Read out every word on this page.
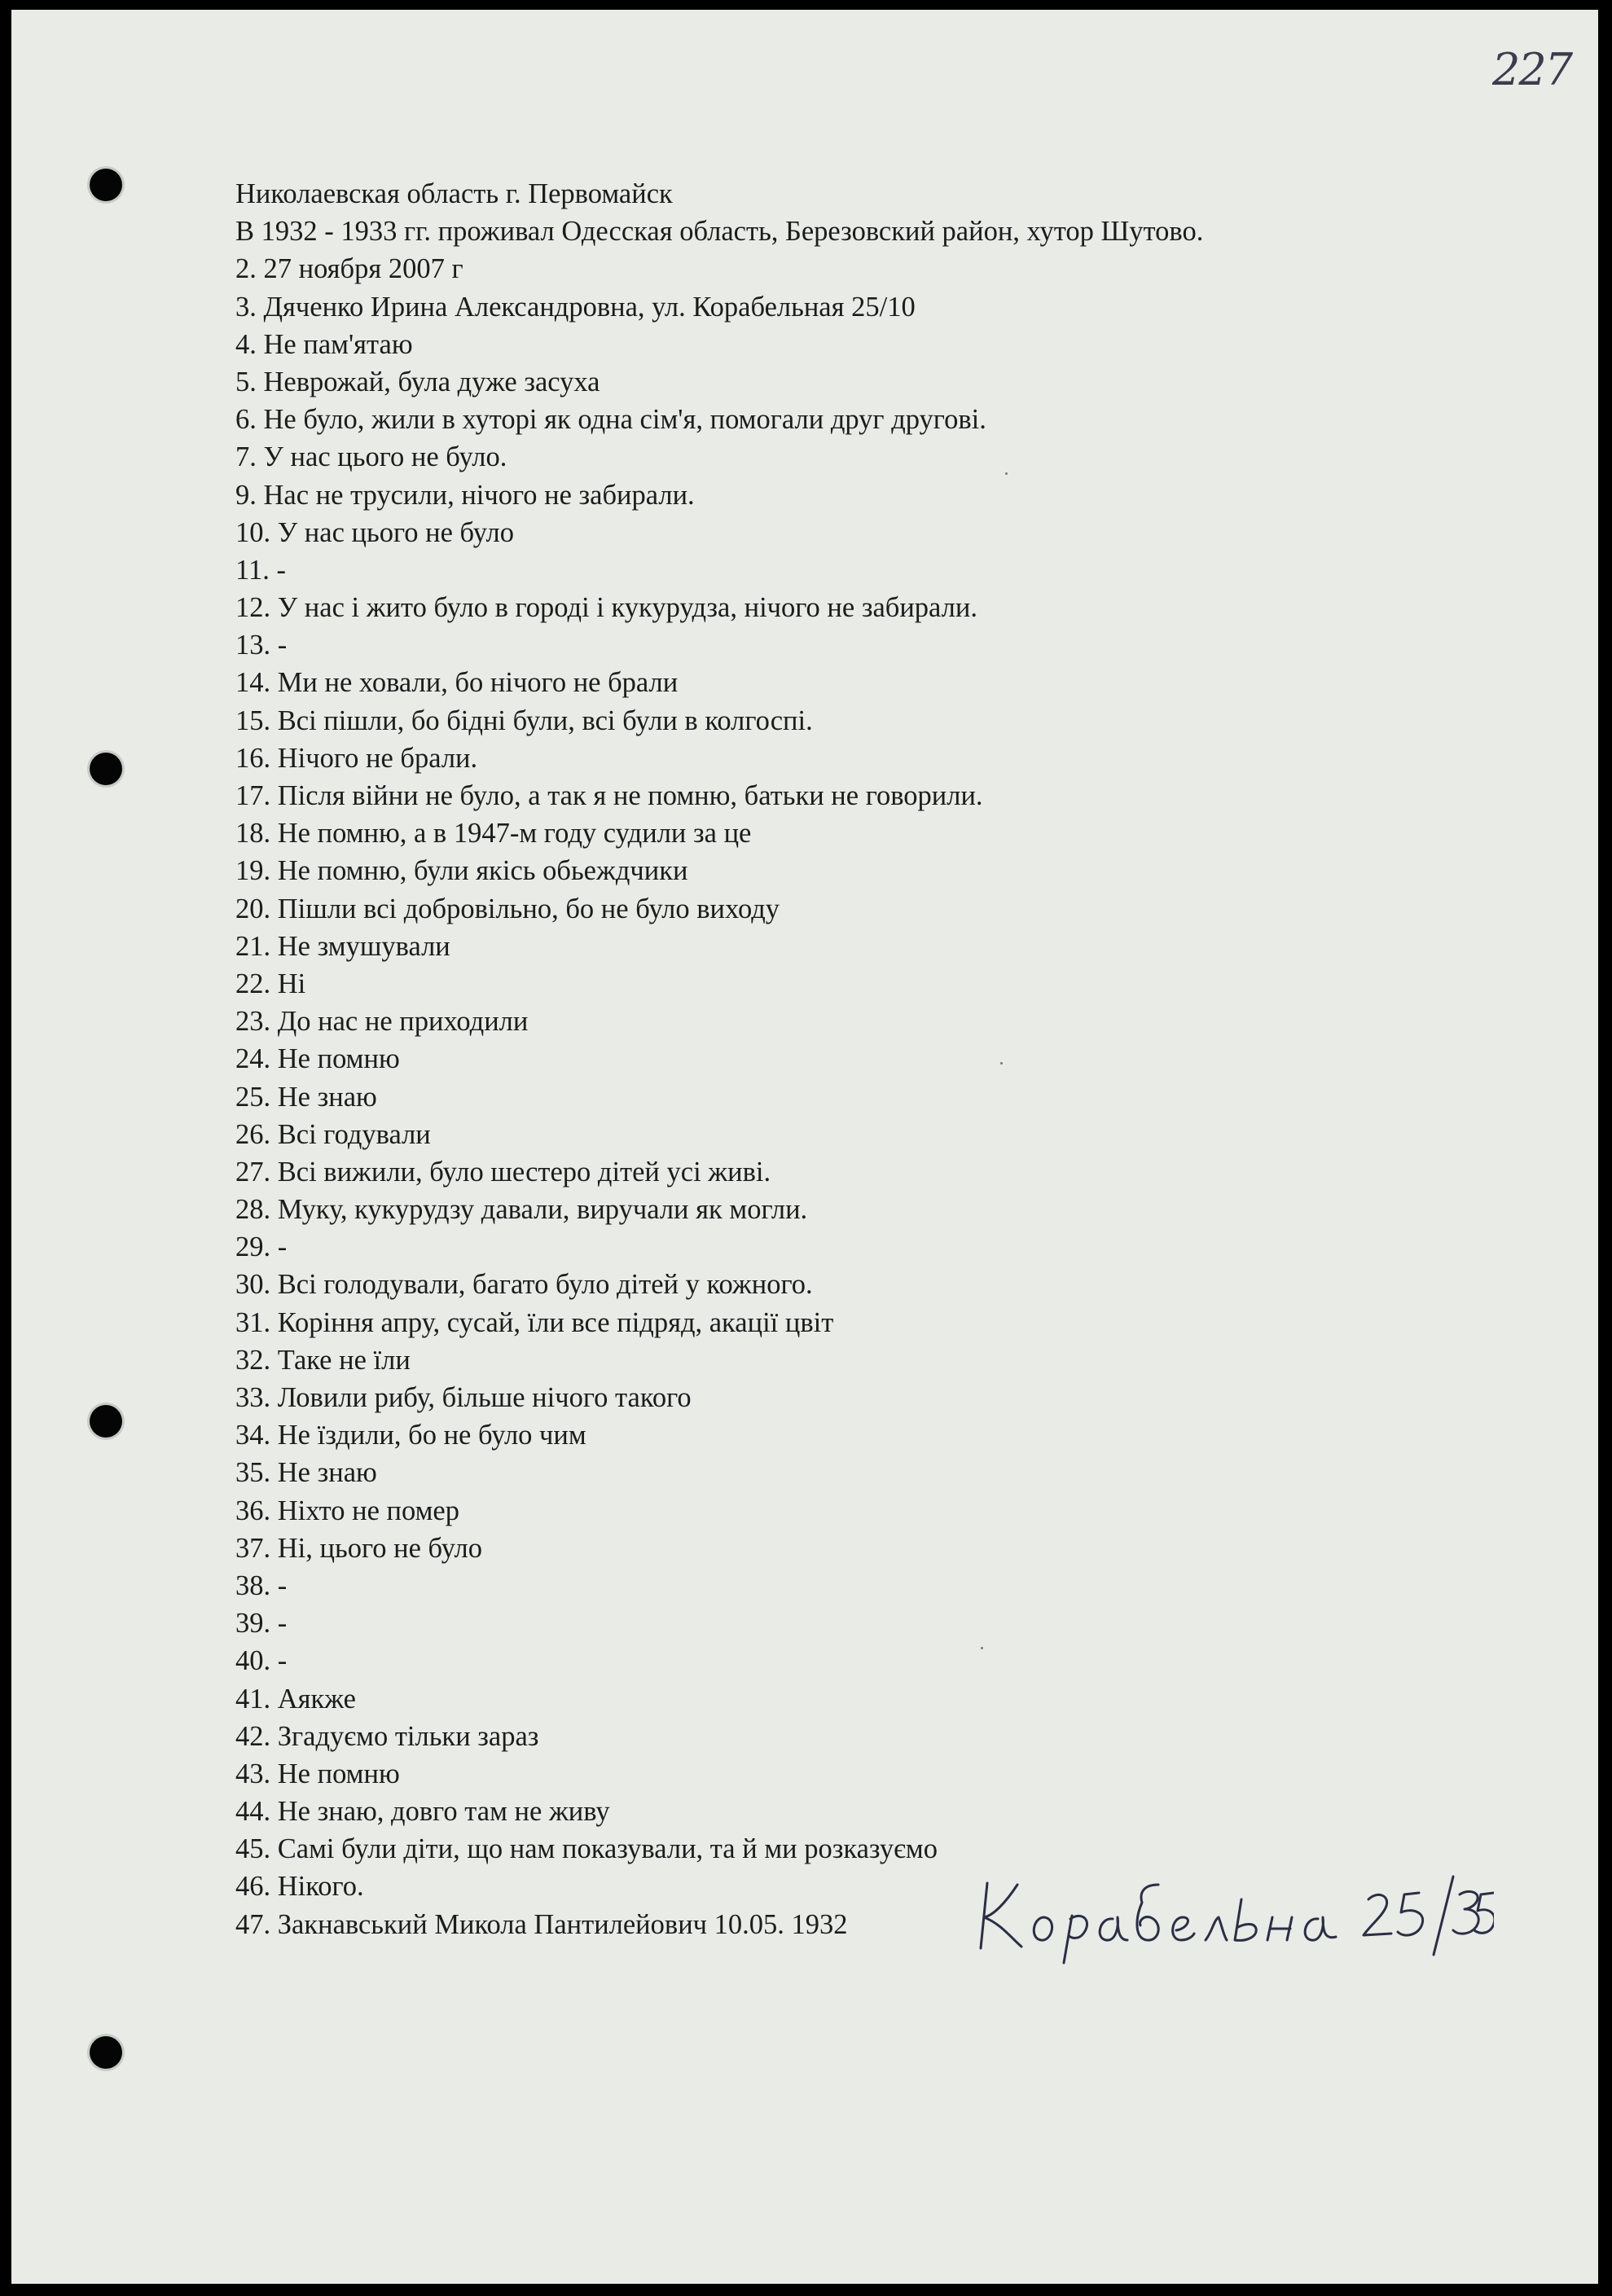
227
Николаевская область г. Первомайск
В 1932 - 1933 гг. проживал Одесская область, Березовский район, хутор Шутово.
2. 27 ноября 2007 г
3. Дяченко Ирина Александровна, ул. Корабельная 25/10
4. Не пам'ятаю
5. Неврожай, була дуже засуха
6. Не було, жили в хуторі як одна сім'я, помогали друг другові.
7. У нас цього не було.
9. Нас не трусили, нічого не забирали.
10. У нас цього не було
11. -
12. У нас і жито було в городі і кукурудза, нічого не забирали.
13. -
14. Ми не ховали, бо нічого не брали
15. Всі пішли, бо бідні були, всі були в колгоспі.
16. Нічого не брали.
17. Після війни не було, а так я не помню, батьки не говорили.
18. Не помню, а в 1947-м году судили за це
19. Не помню, були якісь обьеждчики
20. Пішли всі добровільно, бо не було виходу
21. Не змушували
22. Ні
23. До нас не приходили
24. Не помню
25. Не знаю
26. Всі годували
27. Всі вижили, було шестеро дітей усі живі.
28. Муку, кукурудзу давали, виручали як могли.
29. -
30. Всі голодували, багато було дітей у кожного.
31. Коріння апру, сусай, їли все підряд, акації цвіт
32. Таке не їли
33. Ловили рибу, більше нічого такого
34. Не їздили, бо не було чим
35. Не знаю
36. Ніхто не помер
37. Ні, цього не було
38. -
39. -
40. -
41. Аякже
42. Згадуємо тільки зараз
43. Не помню
44. Не знаю, довго там не живу
45. Самі були діти, що нам показували, та й ми розказуємо
46. Нікого.
47. Закнавський Микола Пантилейович 10.05. 1932
